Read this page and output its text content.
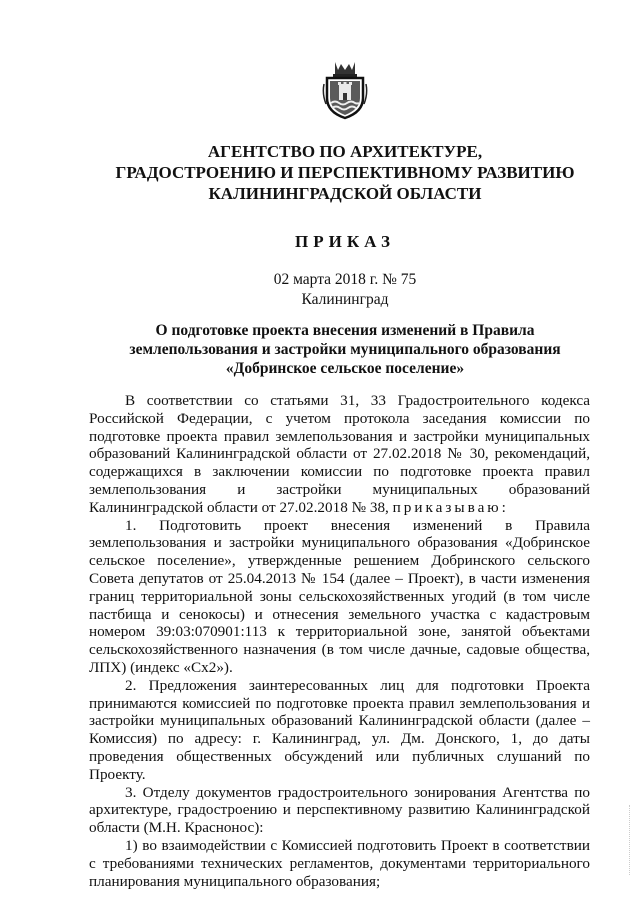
АГЕНТСТВО ПО АРХИТЕКТУРЕ,
ГРАДОСТРОЕНИЮ И ПЕРСПЕКТИВНОМУ РАЗВИТИЮ
КАЛИНИНГРАДСКОЙ ОБЛАСТИ
ПРИКАЗ
02 марта 2018 г. № 75
Калининград
О подготовке проекта внесения изменений в Правила
землепользования и застройки муниципального образования
«Добринское сельское поселение»

В соответствии со статьями 31, 33 Градостроительного кодекса Российской Федерации, с учетом протокола заседания комиссии по подготовке проекта правил землепользования и застройки муниципальных образований Калининградской области от 27.02.2018 № 30, рекомендаций, содержащихся в заключении комиссии по подготовке проекта правил землепользования и застройки муниципальных образований Калининградской области от 27.02.2018 № 38, приказываю:

1. Подготовить проект внесения изменений в Правила землепользования и застройки муниципального образования «Добринское сельское поселение», утвержденные решением Добринского сельского Совета депутатов от 25.04.2013 № 154 (далее – Проект), в части изменения границ территориальной зоны сельскохозяйственных угодий (в том числе пастбища и сенокосы) и отнесения земельного участка с кадастровым номером 39:03:070901:113 к территориальной зоне, занятой объектами сельскохозяйственного назначения (в том числе дачные, садовые общества, ЛПХ) (индекс «Сх2»).

2. Предложения заинтересованных лиц для подготовки Проекта принимаются комиссией по подготовке проекта правил землепользования и застройки муниципальных образований Калининградской области (далее – Комиссия) по адресу: г. Калининград, ул. Дм. Донского, 1, до даты проведения общественных обсуждений или публичных слушаний по Проекту.

3. Отделу документов градостроительного зонирования Агентства по архитектуре, градостроению и перспективному развитию Калининградской области (М.Н. Краснонос):

1) во взаимодействии с Комиссией подготовить Проект в соответствии с требованиями технических регламентов, документами территориального планирования муниципального образования;
